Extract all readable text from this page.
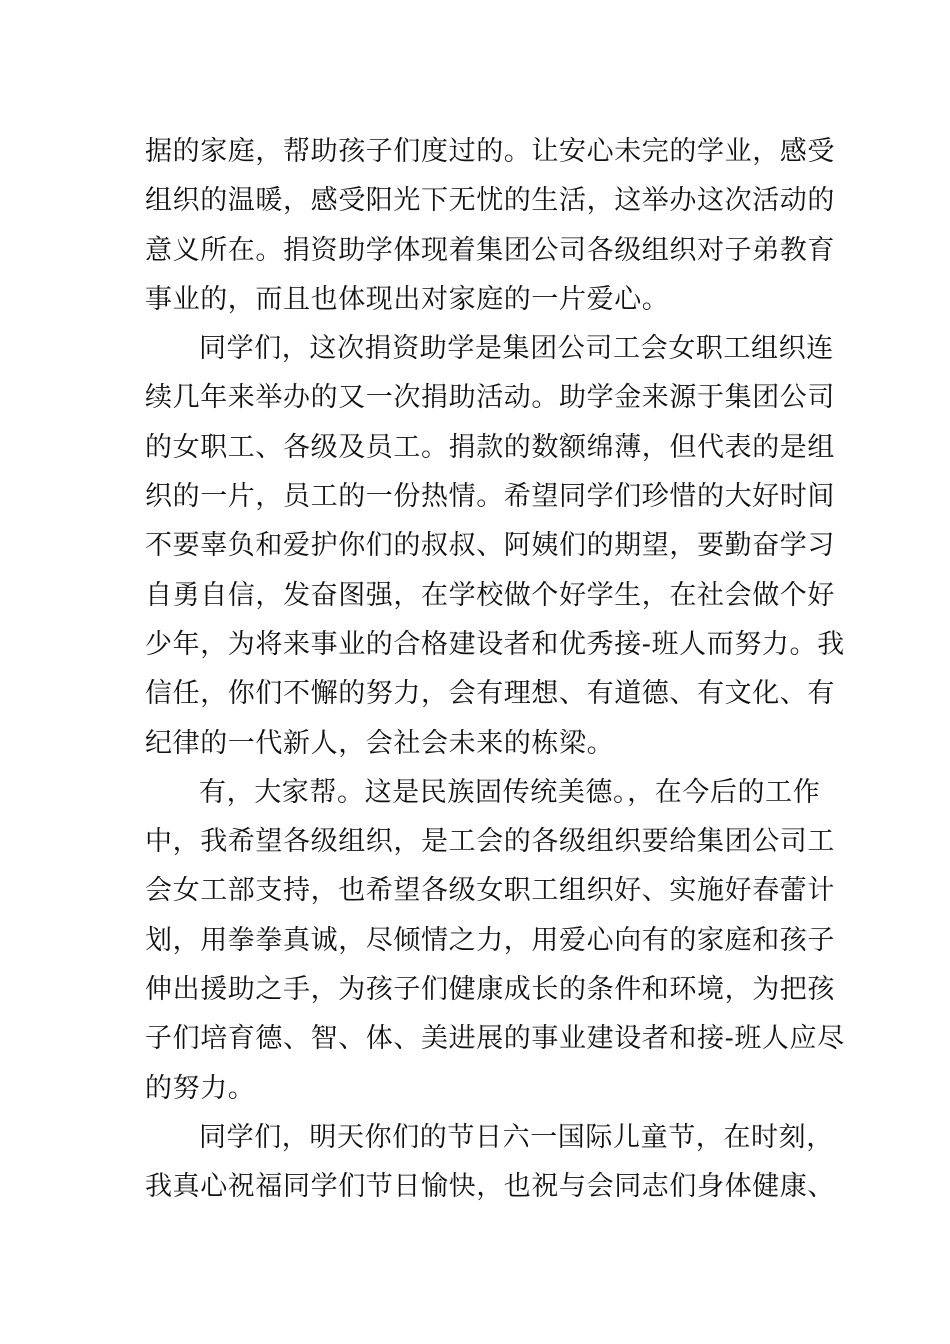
据的家庭，帮助孩子们度过的。让安心未完的学业，感受
组织的温暖，感受阳光下无忧的生活，这举办这次活动的
意义所在。捐资助学体现着集团公司各级组织对子弟教育
事业的，而且也体现出对家庭的一片爱心。
同学们，这次捐资助学是集团公司工会女职工组织连
续几年来举办的又一次捐助活动。助学金来源于集团公司
的女职工、各级及员工。捐款的数额绵薄，但代表的是组
织的一片，员工的一份热情。希望同学们珍惜的大好时间
不要辜负和爱护你们的叔叔、阿姨们的期望，要勤奋学习
自勇自信，发奋图强，在学校做个好学生，在社会做个好
少年，为将来事业的合格建设者和优秀接-班人而努力。我
信任，你们不懈的努力，会有理想、有道德、有文化、有
纪律的一代新人，会社会未来的栋梁。
有，大家帮。这是民族固传统美德。，在今后的工作
中，我希望各级组织，是工会的各级组织要给集团公司工
会女工部支持，也希望各级女职工组织好、实施好春蕾计
划，用拳拳真诚，尽倾情之力，用爱心向有的家庭和孩子
伸出援助之手，为孩子们健康成长的条件和环境，为把孩
子们培育德、智、体、美进展的事业建设者和接-班人应尽
的努力。
同学们，明天你们的节日六一国际儿童节，在时刻，
我真心祝福同学们节日愉快，也祝与会同志们身体健康、
